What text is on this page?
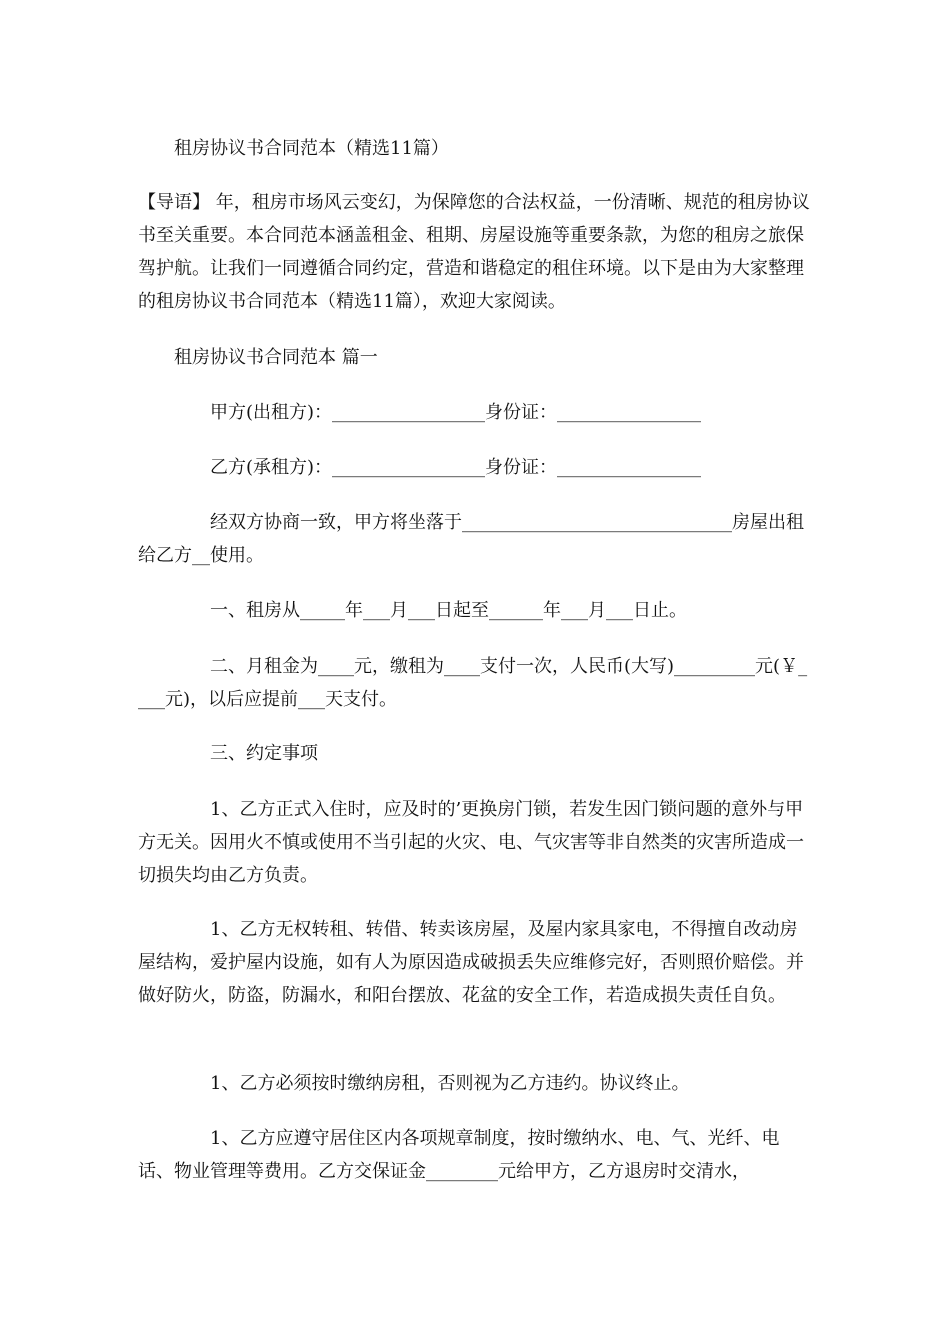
租房协议书合同范本（精选11篇）

【导语】 年，租房市场风云变幻，为保障您的合法权益，一份清晰、规范的租房协议书至关重要。本合同范本涵盖租金、租期、房屋设施等重要条款，为您的租房之旅保驾护航。让我们一同遵循合同约定，营造和谐稳定的租住环境。以下是由为大家整理的租房协议书合同范本（精选11篇），欢迎大家阅读。

租房协议书合同范本 篇一

甲方(出租方)：_________________身份证：________________

乙方(承租方)：_________________身份证：________________

经双方协商一致，甲方将坐落于______________________________房屋出租给乙方__使用。

一、租房从_____年___月___日起至______年___月___日止。

二、月租金为____元，缴租为____支付一次，人民币(大写)_________元(￥____元)，以后应提前___天支付。

三、约定事项

1、乙方正式入住时，应及时的’更换房门锁，若发生因门锁问题的意外与甲方无关。因用火不慎或使用不当引起的火灾、电、气灾害等非自然类的灾害所造成一切损失均由乙方负责。

1、乙方无权转租、转借、转卖该房屋，及屋内家具家电，不得擅自改动房屋结构，爱护屋内设施，如有人为原因造成破损丢失应维修完好，否则照价赔偿。并做好防火，防盗，防漏水，和阳台摆放、花盆的安全工作，若造成损失责任自负。

1、乙方必须按时缴纳房租，否则视为乙方违约。协议终止。

1、乙方应遵守居住区内各项规章制度，按时缴纳水、电、气、光纤、电话、物业管理等费用。乙方交保证金________元给甲方，乙方退房时交清水，
